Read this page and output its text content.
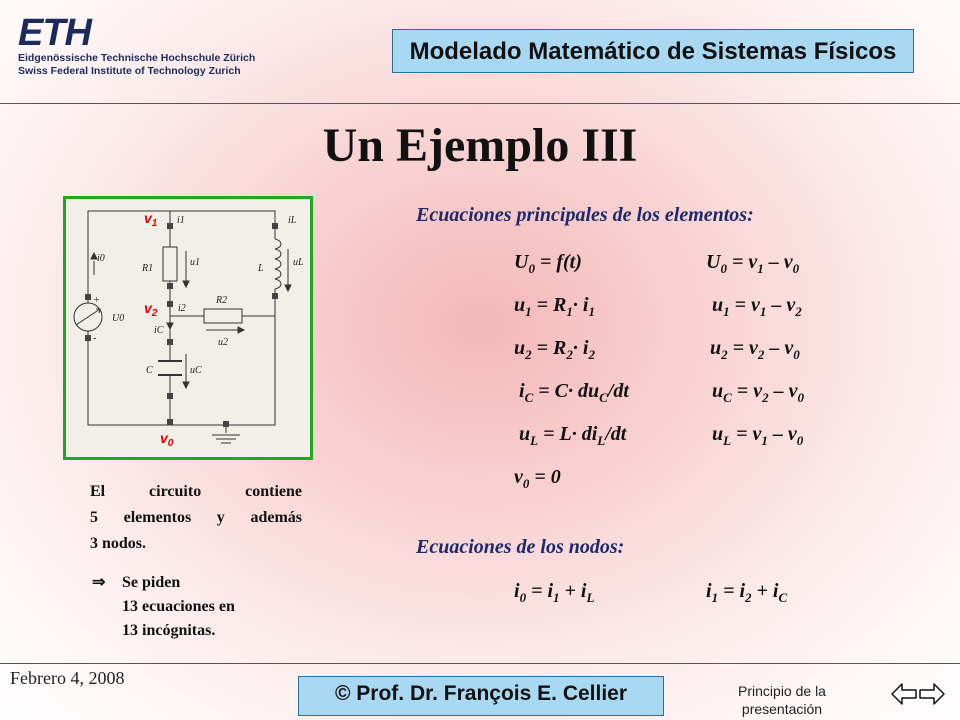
ETH
Eidgenössische Technische Hochschule Zürich
Swiss Federal Institute of Technology Zurich
Modelado Matemático de Sistemas Físicos
Un Ejemplo III
$v_1$
$v_2$
$v_0$
i1	iL
i0	u1
R1	L
uL
U0
+
-
i2
R2
iC
u2
C	uC
El circuito contiene
5 elementos y además
3 nodos.
⇒ Se piden
13 ecuaciones en
13 incógnitas.
Ecuaciones principales de los elementos:
$U_0 = f(t)$	$U_0 = v_1 - v_0$
$u_1 = R_1\cdot i_1$	$u_1 = v_1 - v_2$
$u_2 = R_2\cdot i_2$	$u_2 = v_2 - v_0$
$i_C = C\cdot du_C/dt$	$u_C = v_2 - v_0$
$u_L = L\cdot di_L/dt$	$u_L = v_1 - v_0$
$v_0 = 0$
Ecuaciones de los nodos:
$i_0 = i_1 + i_L$	$i_1 = i_2 + i_C$
Febrero 4, 2008
© Prof. Dr. François E. Cellier	Principio de la presentación
